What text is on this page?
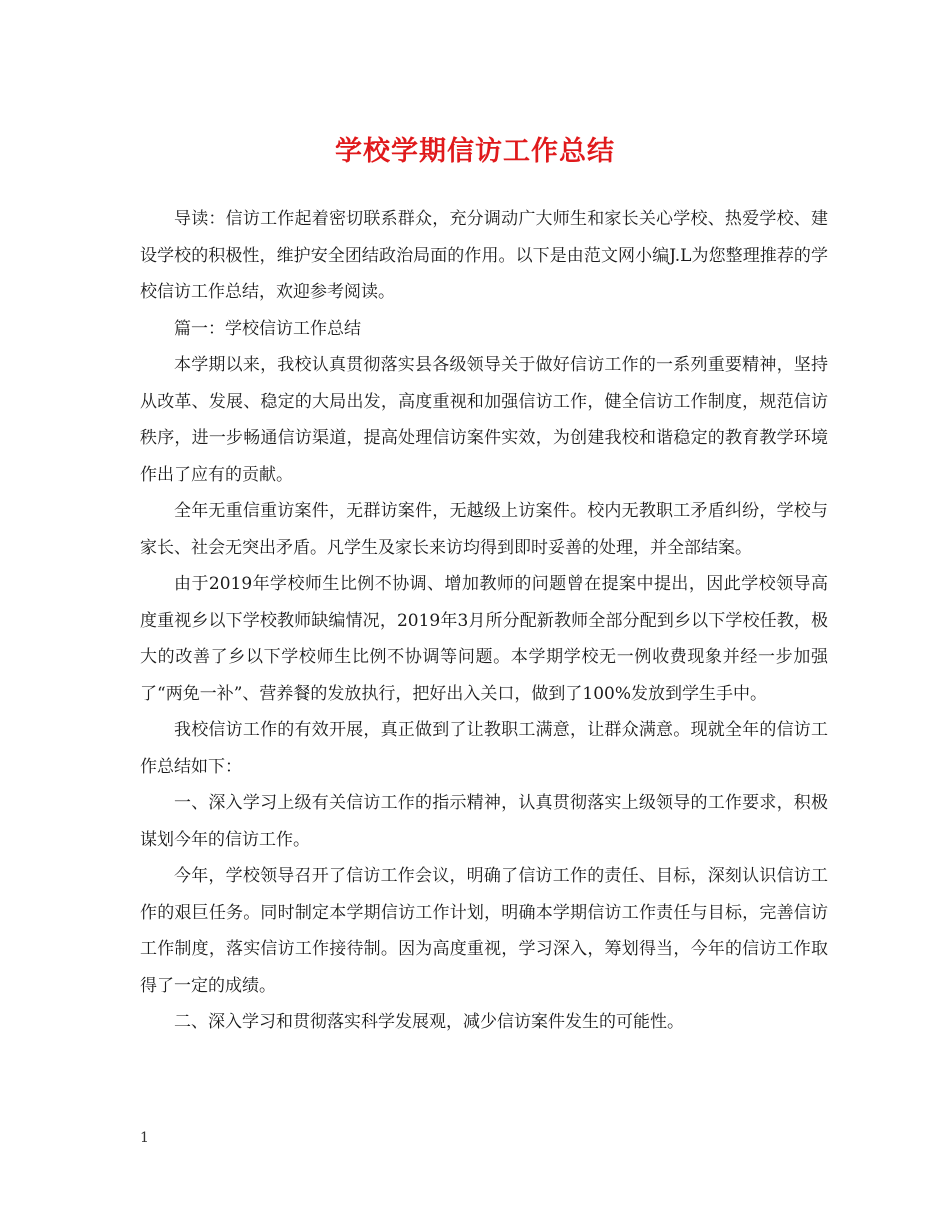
学校学期信访工作总结

导读：信访工作起着密切联系群众，充分调动广大师生和家长关心学校、热爱学校、建设学校的积极性，维护安全团结政治局面的作用。以下是由范文网小编J.L为您整理推荐的学校信访工作总结，欢迎参考阅读。

篇一：学校信访工作总结

本学期以来，我校认真贯彻落实县各级领导关于做好信访工作的一系列重要精神，坚持从改革、发展、稳定的大局出发，高度重视和加强信访工作，健全信访工作制度，规范信访秩序，进一步畅通信访渠道，提高处理信访案件实效，为创建我校和谐稳定的教育教学环境作出了应有的贡献。

全年无重信重访案件，无群访案件，无越级上访案件。校内无教职工矛盾纠纷，学校与家长、社会无突出矛盾。凡学生及家长来访均得到即时妥善的处理，并全部结案。

由于2019年学校师生比例不协调、增加教师的问题曾在提案中提出，因此学校领导高度重视乡以下学校教师缺编情况，2019年3月所分配新教师全部分配到乡以下学校任教，极大的改善了乡以下学校师生比例不协调等问题。本学期学校无一例收费现象并经一步加强了“两免一补”、营养餐的发放执行，把好出入关口，做到了100%发放到学生手中。

我校信访工作的有效开展，真正做到了让教职工满意，让群众满意。现就全年的信访工作总结如下：

一、深入学习上级有关信访工作的指示精神，认真贯彻落实上级领导的工作要求，积极谋划今年的信访工作。

今年，学校领导召开了信访工作会议，明确了信访工作的责任、目标，深刻认识信访工作的艰巨任务。同时制定本学期信访工作计划，明确本学期信访工作责任与目标，完善信访工作制度，落实信访工作接待制。因为高度重视，学习深入，筹划得当，今年的信访工作取得了一定的成绩。

二、深入学习和贯彻落实科学发展观，减少信访案件发生的可能性。

1
